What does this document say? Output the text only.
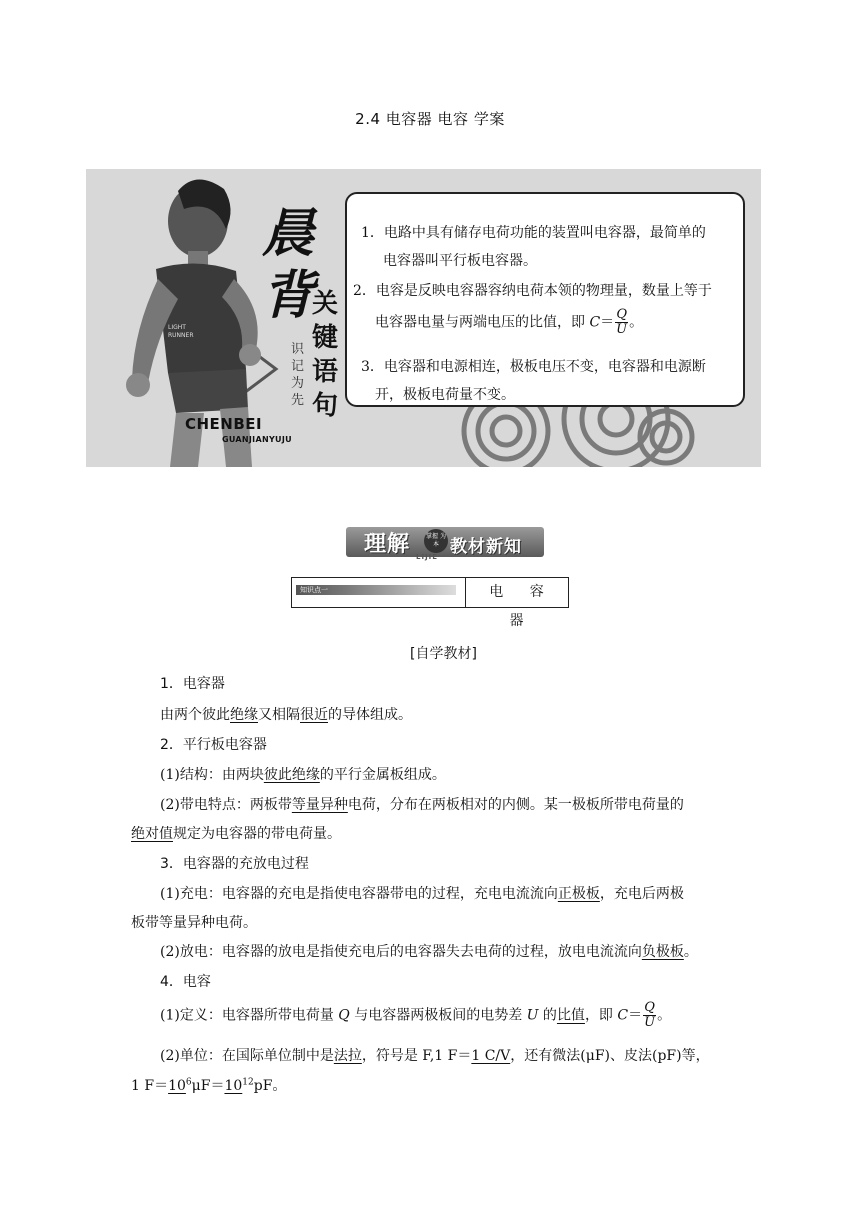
2.4 电容器 电容 学案
LIGHT
RUNNER
晨
背
关
键
语
句
识
记
为
先
CHENBEI
GUANJIANYUJU
1．电路中具有储存电荷功能的装置叫电容器，最简单的
电容器叫平行板电容器。
2．电容是反映电容器容纳电荷本领的物理量，数量上等于
电容器电量与两端电压的比值，即 $C= \frac{Q}{U}$ 。
3．电容器和电源相连，极板电压不变，电容器和电源断
开，极板电荷量不变。
理解	掌握 为本 教材新知
LIJIE
知识点一	电 容 器
[自学教材]
1．电容器
由两个彼此绝缘又相隔很近的导体组成。
2．平行板电容器
(1)结构：由两块彼此绝缘的平行金属板组成。
(2)带电特点：两板带等量异种电荷，分布在两板相对的内侧。某一极板所带电荷量的
绝对值规定为电容器的带电荷量。
3．电容器的充放电过程
(1)充电：电容器的充电是指使电容器带电的过程，充电电流流向正极板，充电后两极
板带等量异种电荷。
(2)放电：电容器的放电是指使充电后的电容器失去电荷的过程，放电电流流向负极板。
4．电容
(1)定义：电容器所带电荷量 Q 与电容器两极板间的电势差 U 的比值，即 $C= \frac{Q}{U}$ 。
(2)单位：在国际单位制中是法拉，符号是 F,1 F＝1 C/V，还有微法(μF)、皮法(pF)等，
1 $F=10^6\mu F=10^{12}pF$。
